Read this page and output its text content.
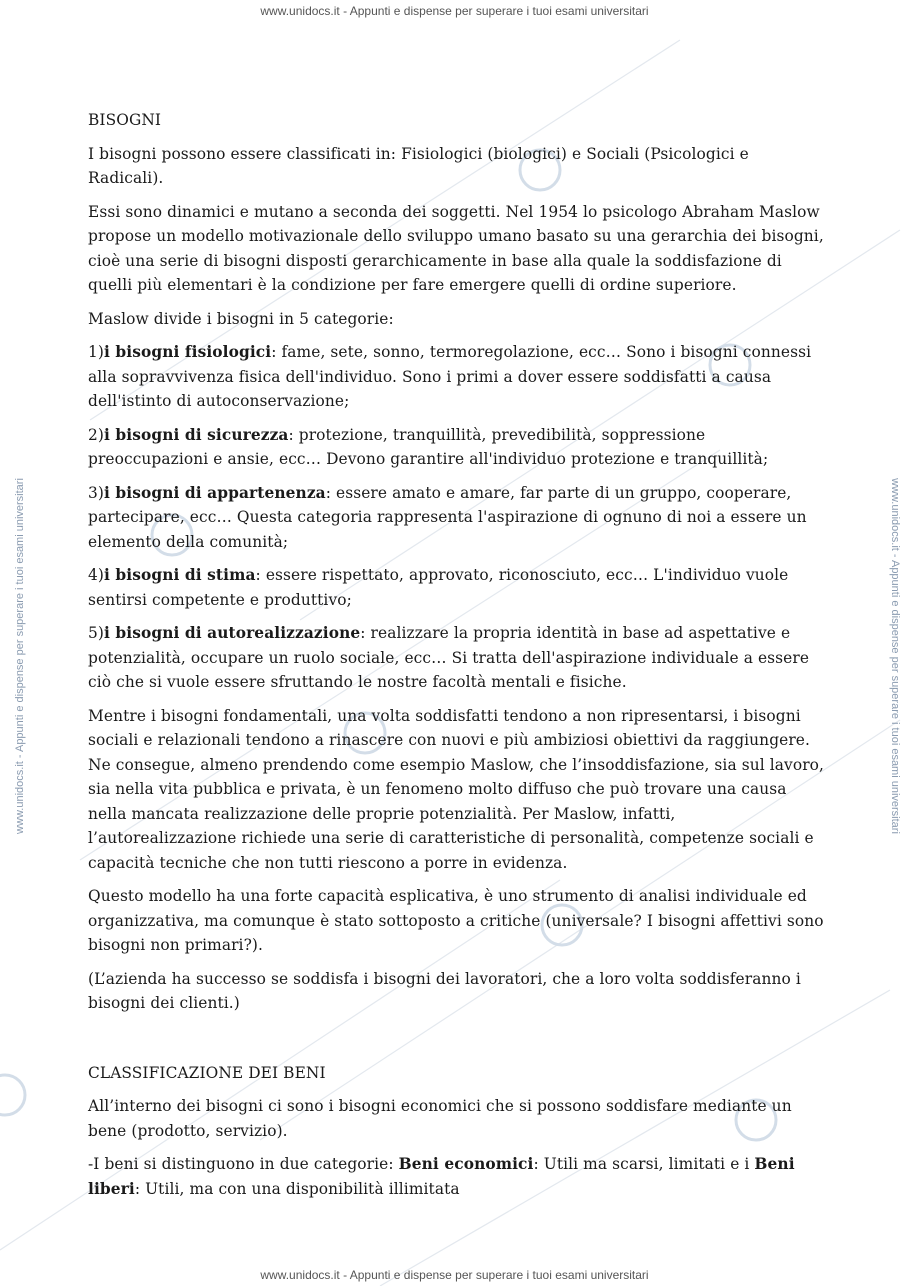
www.unidocs.it - Appunti e dispense per superare i tuoi esami universitari
www.unidocs.it - Appunti e dispense per superare i tuoi esami universitari
www.unidocs.it - Appunti e dispense per superare i tuoi esami universitari	www.unidocs.it - Appunti e dispense per superare i tuoi esami universitari

BISOGNI

I bisogni possono essere classificati in: Fisiologici (biologici) e Sociali (Psicologici e Radicali).

Essi sono dinamici e mutano a seconda dei soggetti. Nel 1954 lo psicologo Abraham Maslow propose un modello motivazionale dello sviluppo umano basato su una gerarchia dei bisogni, cioè una serie di bisogni disposti gerarchicamente in base alla quale la soddisfazione di quelli più elementari è la condizione per fare emergere quelli di ordine superiore.

Maslow divide i bisogni in 5 categorie:

1)i bisogni fisiologici: fame, sete, sonno, termoregolazione, ecc… Sono i bisogni connessi alla sopravvivenza fisica dell'individuo. Sono i primi a dover essere soddisfatti a causa dell'istinto di autoconservazione;

2)i bisogni di sicurezza: protezione, tranquillità, prevedibilità, soppressione preoccupazioni e ansie, ecc… Devono garantire all'individuo protezione e tranquillità;

3)i bisogni di appartenenza: essere amato e amare, far parte di un gruppo, cooperare, partecipare, ecc… Questa categoria rappresenta l'aspirazione di ognuno di noi a essere un elemento della comunità;

4)i bisogni di stima: essere rispettato, approvato, riconosciuto, ecc… L'individuo vuole sentirsi competente e produttivo;

5)i bisogni di autorealizzazione: realizzare la propria identità in base ad aspettative e potenzialità, occupare un ruolo sociale, ecc… Si tratta dell'aspirazione individuale a essere ciò che si vuole essere sfruttando le nostre facoltà mentali e fisiche.

Mentre i bisogni fondamentali, una volta soddisfatti tendono a non ripresentarsi, i bisogni sociali e relazionali tendono a rinascere con nuovi e più ambiziosi obiettivi da raggiungere. Ne consegue, almeno prendendo come esempio Maslow, che l’insoddisfazione, sia sul lavoro, sia nella vita pubblica e privata, è un fenomeno molto diffuso che può trovare una causa nella mancata realizzazione delle proprie potenzialità. Per Maslow, infatti, l’autorealizzazione richiede una serie di caratteristiche di personalità, competenze sociali e capacità tecniche che non tutti riescono a porre in evidenza.

Questo modello ha una forte capacità esplicativa, è uno strumento di analisi individuale ed organizzativa, ma comunque è stato sottoposto a critiche (universale? I bisogni affettivi sono bisogni non primari?).

(L’azienda ha successo se soddisfa i bisogni dei lavoratori, che a loro volta soddisferanno i bisogni dei clienti.)

CLASSIFICAZIONE DEI BENI

All’interno dei bisogni ci sono i bisogni economici che si possono soddisfare mediante un bene (prodotto, servizio).

-I beni si distinguono in due categorie: Beni economici: Utili ma scarsi, limitati e i Beni liberi: Utili, ma con una disponibilità illimitata
